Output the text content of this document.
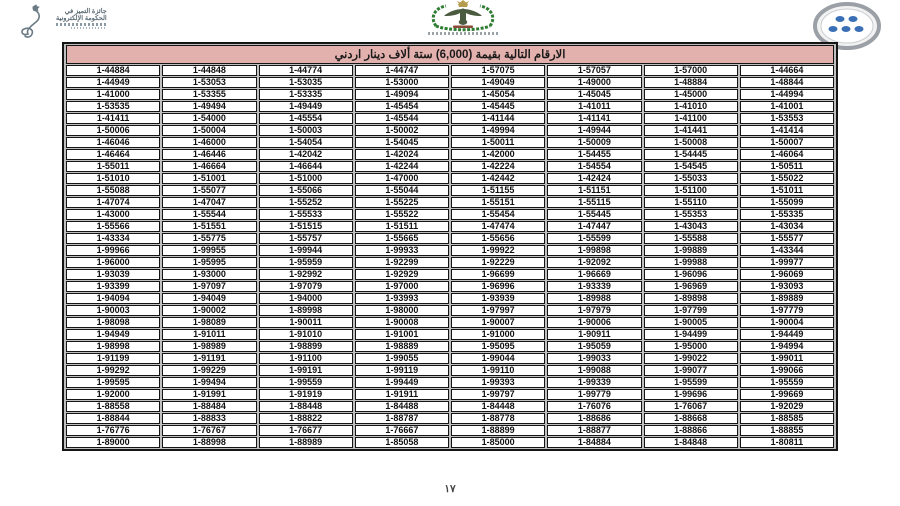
جائزة التميز في
الحكومة الإلكترونية
الارقام التالية بقيمة (6,000) ستة ألاف دينار اردني							
1-44884	1-44848	1-44774	1-44747	1-57075	1-57057	1-57000	1-44664
1-44949	1-53053	1-53035	1-53000	1-49049	1-49000	1-48884	1-48844
1-41000	1-53355	1-53335	1-49094	1-45054	1-45045	1-45000	1-44994
1-53535	1-49494	1-49449	1-45454	1-45445	1-41011	1-41010	1-41001
1-41411	1-54000	1-45554	1-45544	1-41144	1-41141	1-41100	1-53553
1-50006	1-50004	1-50003	1-50002	1-49994	1-49944	1-41441	1-41414
1-46046	1-46000	1-54054	1-54045	1-50011	1-50009	1-50008	1-50007
1-46464	1-46446	1-42042	1-42024	1-42000	1-54455	1-54445	1-46064
1-55011	1-46664	1-46644	1-42244	1-42224	1-54554	1-54545	1-50511
1-51010	1-51001	1-51000	1-47000	1-42442	1-42424	1-55033	1-55022
1-55088	1-55077	1-55066	1-55044	1-51155	1-51151	1-51100	1-51011
1-47074	1-47047	1-55252	1-55225	1-55151	1-55115	1-55110	1-55099
1-43000	1-55544	1-55533	1-55522	1-55454	1-55445	1-55353	1-55335
1-55566	1-51551	1-51515	1-51511	1-47474	1-47447	1-43043	1-43034
1-43334	1-55775	1-55757	1-55665	1-55656	1-55599	1-55588	1-55577
1-99966	1-99955	1-99944	1-99933	1-99922	1-99898	1-99889	1-43344
1-96000	1-95995	1-95959	1-92299	1-92229	1-92092	1-99988	1-99977
1-93039	1-93000	1-92992	1-92929	1-96699	1-96669	1-96096	1-96069
1-93399	1-97097	1-97079	1-97000	1-96996	1-93339	1-96969	1-93093
1-94094	1-94049	1-94000	1-93993	1-93939	1-89988	1-89898	1-89889
1-90003	1-90002	1-89998	1-98000	1-97997	1-97979	1-97799	1-97779
1-98098	1-98089	1-90011	1-90008	1-90007	1-90006	1-90005	1-90004
1-94949	1-91011	1-91010	1-91001	1-91000	1-90911	1-94499	1-94449
1-98998	1-98989	1-98899	1-98889	1-95095	1-95059	1-95000	1-94994
1-91199	1-91191	1-91100	1-99055	1-99044	1-99033	1-99022	1-99011
1-99292	1-99229	1-99191	1-99119	1-99110	1-99088	1-99077	1-99066
1-99595	1-99494	1-99559	1-99449	1-99393	1-99339	1-95599	1-95559
1-92000	1-91991	1-91919	1-91911	1-99797	1-99779	1-99696	1-99669
1-88558	1-88484	1-88448	1-84488	1-84448	1-76076	1-76067	1-92029
1-88844	1-88833	1-88822	1-88787	1-88778	1-88686	1-88668	1-88585
1-76776	1-76767	1-76677	1-76667	1-88899	1-88877	1-88866	1-88855
1-89000	1-88998	1-88989	1-85058	1-85000	1-84884	1-84848	1-80811
١٧
